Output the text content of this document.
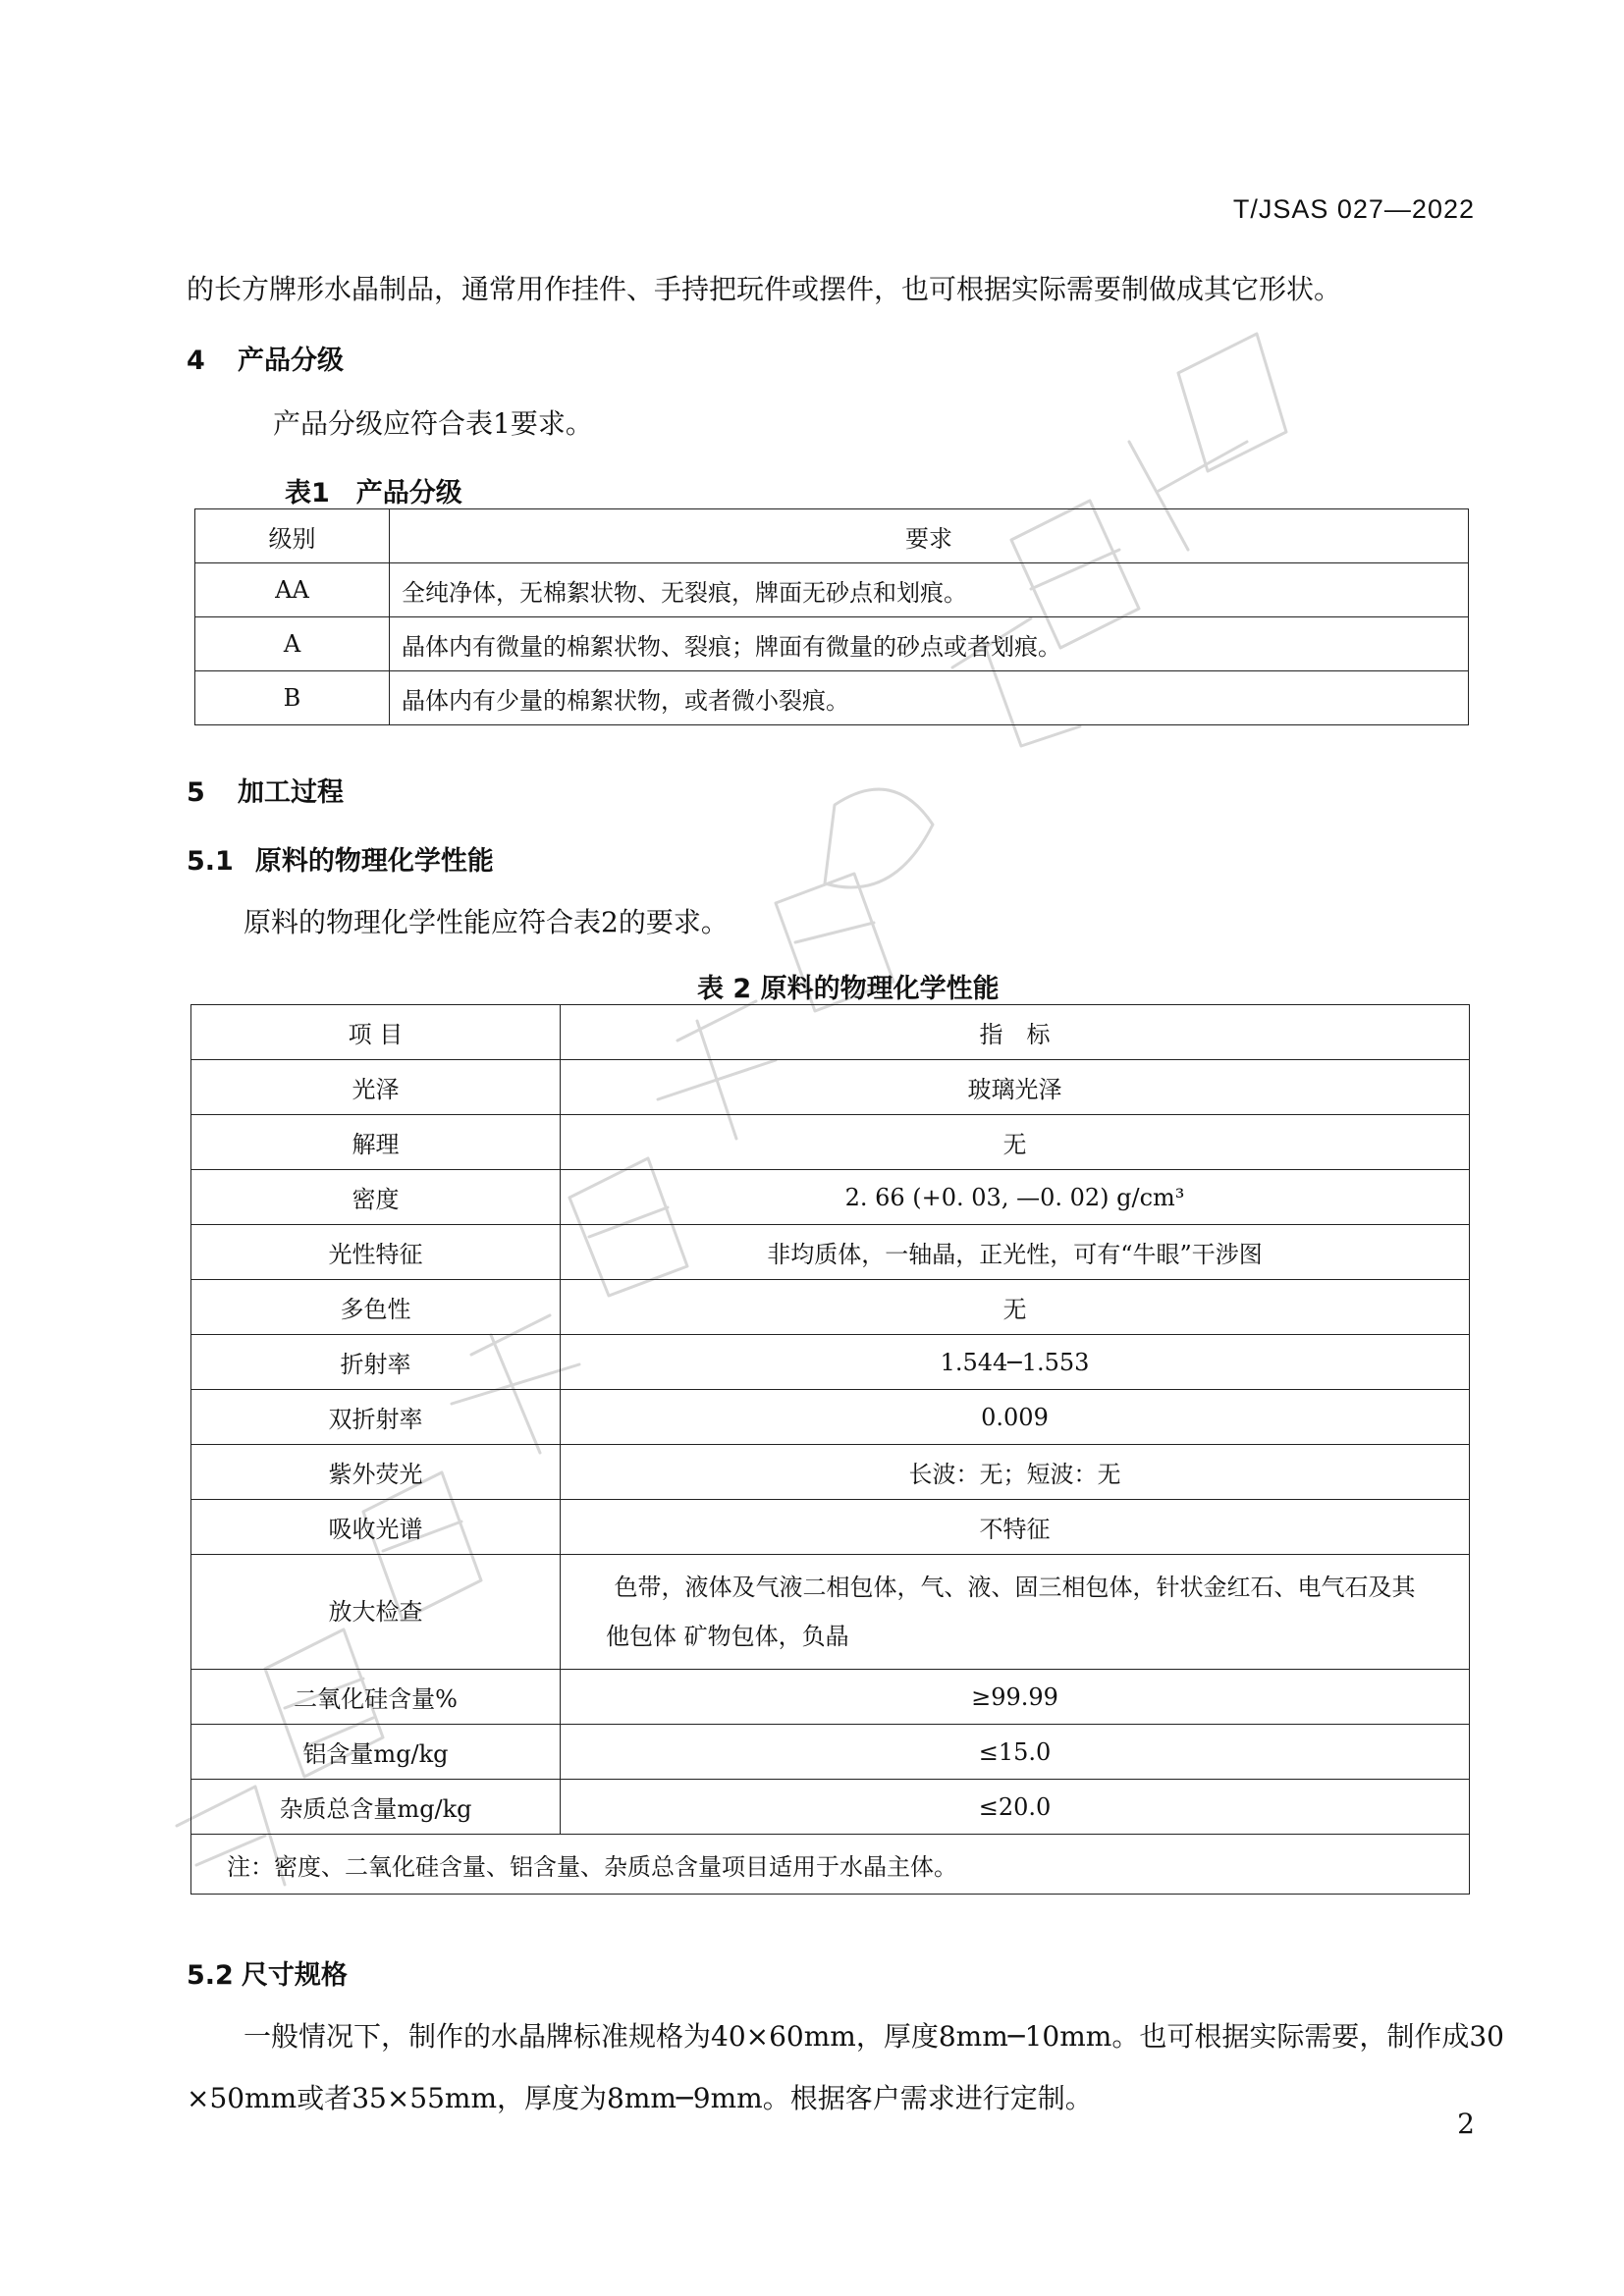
T/JSAS 027—2022
的长方牌形水晶制品，通常用作挂件、手持把玩件或摆件，也可根据实际需要制做成其它形状。
4 产品分级
产品分级应符合表1要求。
表1　产品分级
级别	要求
AA	全纯净体，无棉絮状物、无裂痕，牌面无砂点和划痕。
A	晶体内有微量的棉絮状物、裂痕；牌面有微量的砂点或者划痕。
B	晶体内有少量的棉絮状物，或者微小裂痕。
5 加工过程
5.1 原料的物理化学性能
原料的物理化学性能应符合表2的要求。
表 2 原料的物理化学性能
项 目	指　标
光泽	玻璃光泽
解理	无
密度	2. 66 (+0. 03, —0. 02) g/cm³
光性特征	非均质体，一轴晶，正光性，可有“牛眼”干涉图
多色性	无
折射率	1.544─1.553
双折射率	0.009
紫外荧光	长波：无；短波：无
吸收光谱	不特征
放大检查	色带，液体及气液二相包体，气、液、固三相包体，针状金红石、电气石及其
他包体 矿物包体，负晶

二氧化硅含量%	≥99.99
铝含量mg/kg	≤15.0
杂质总含量mg/kg	≤20.0
注：密度、二氧化硅含量、铝含量、杂质总含量项目适用于水晶主体。	
5.2 尺寸规格
一般情况下，制作的水晶牌标准规格为40×60mm，厚度8mm─10mm。也可根据实际需要，制作成30
×50mm或者35×55mm，厚度为8mm─9mm。根据客户需求进行定制。
2
